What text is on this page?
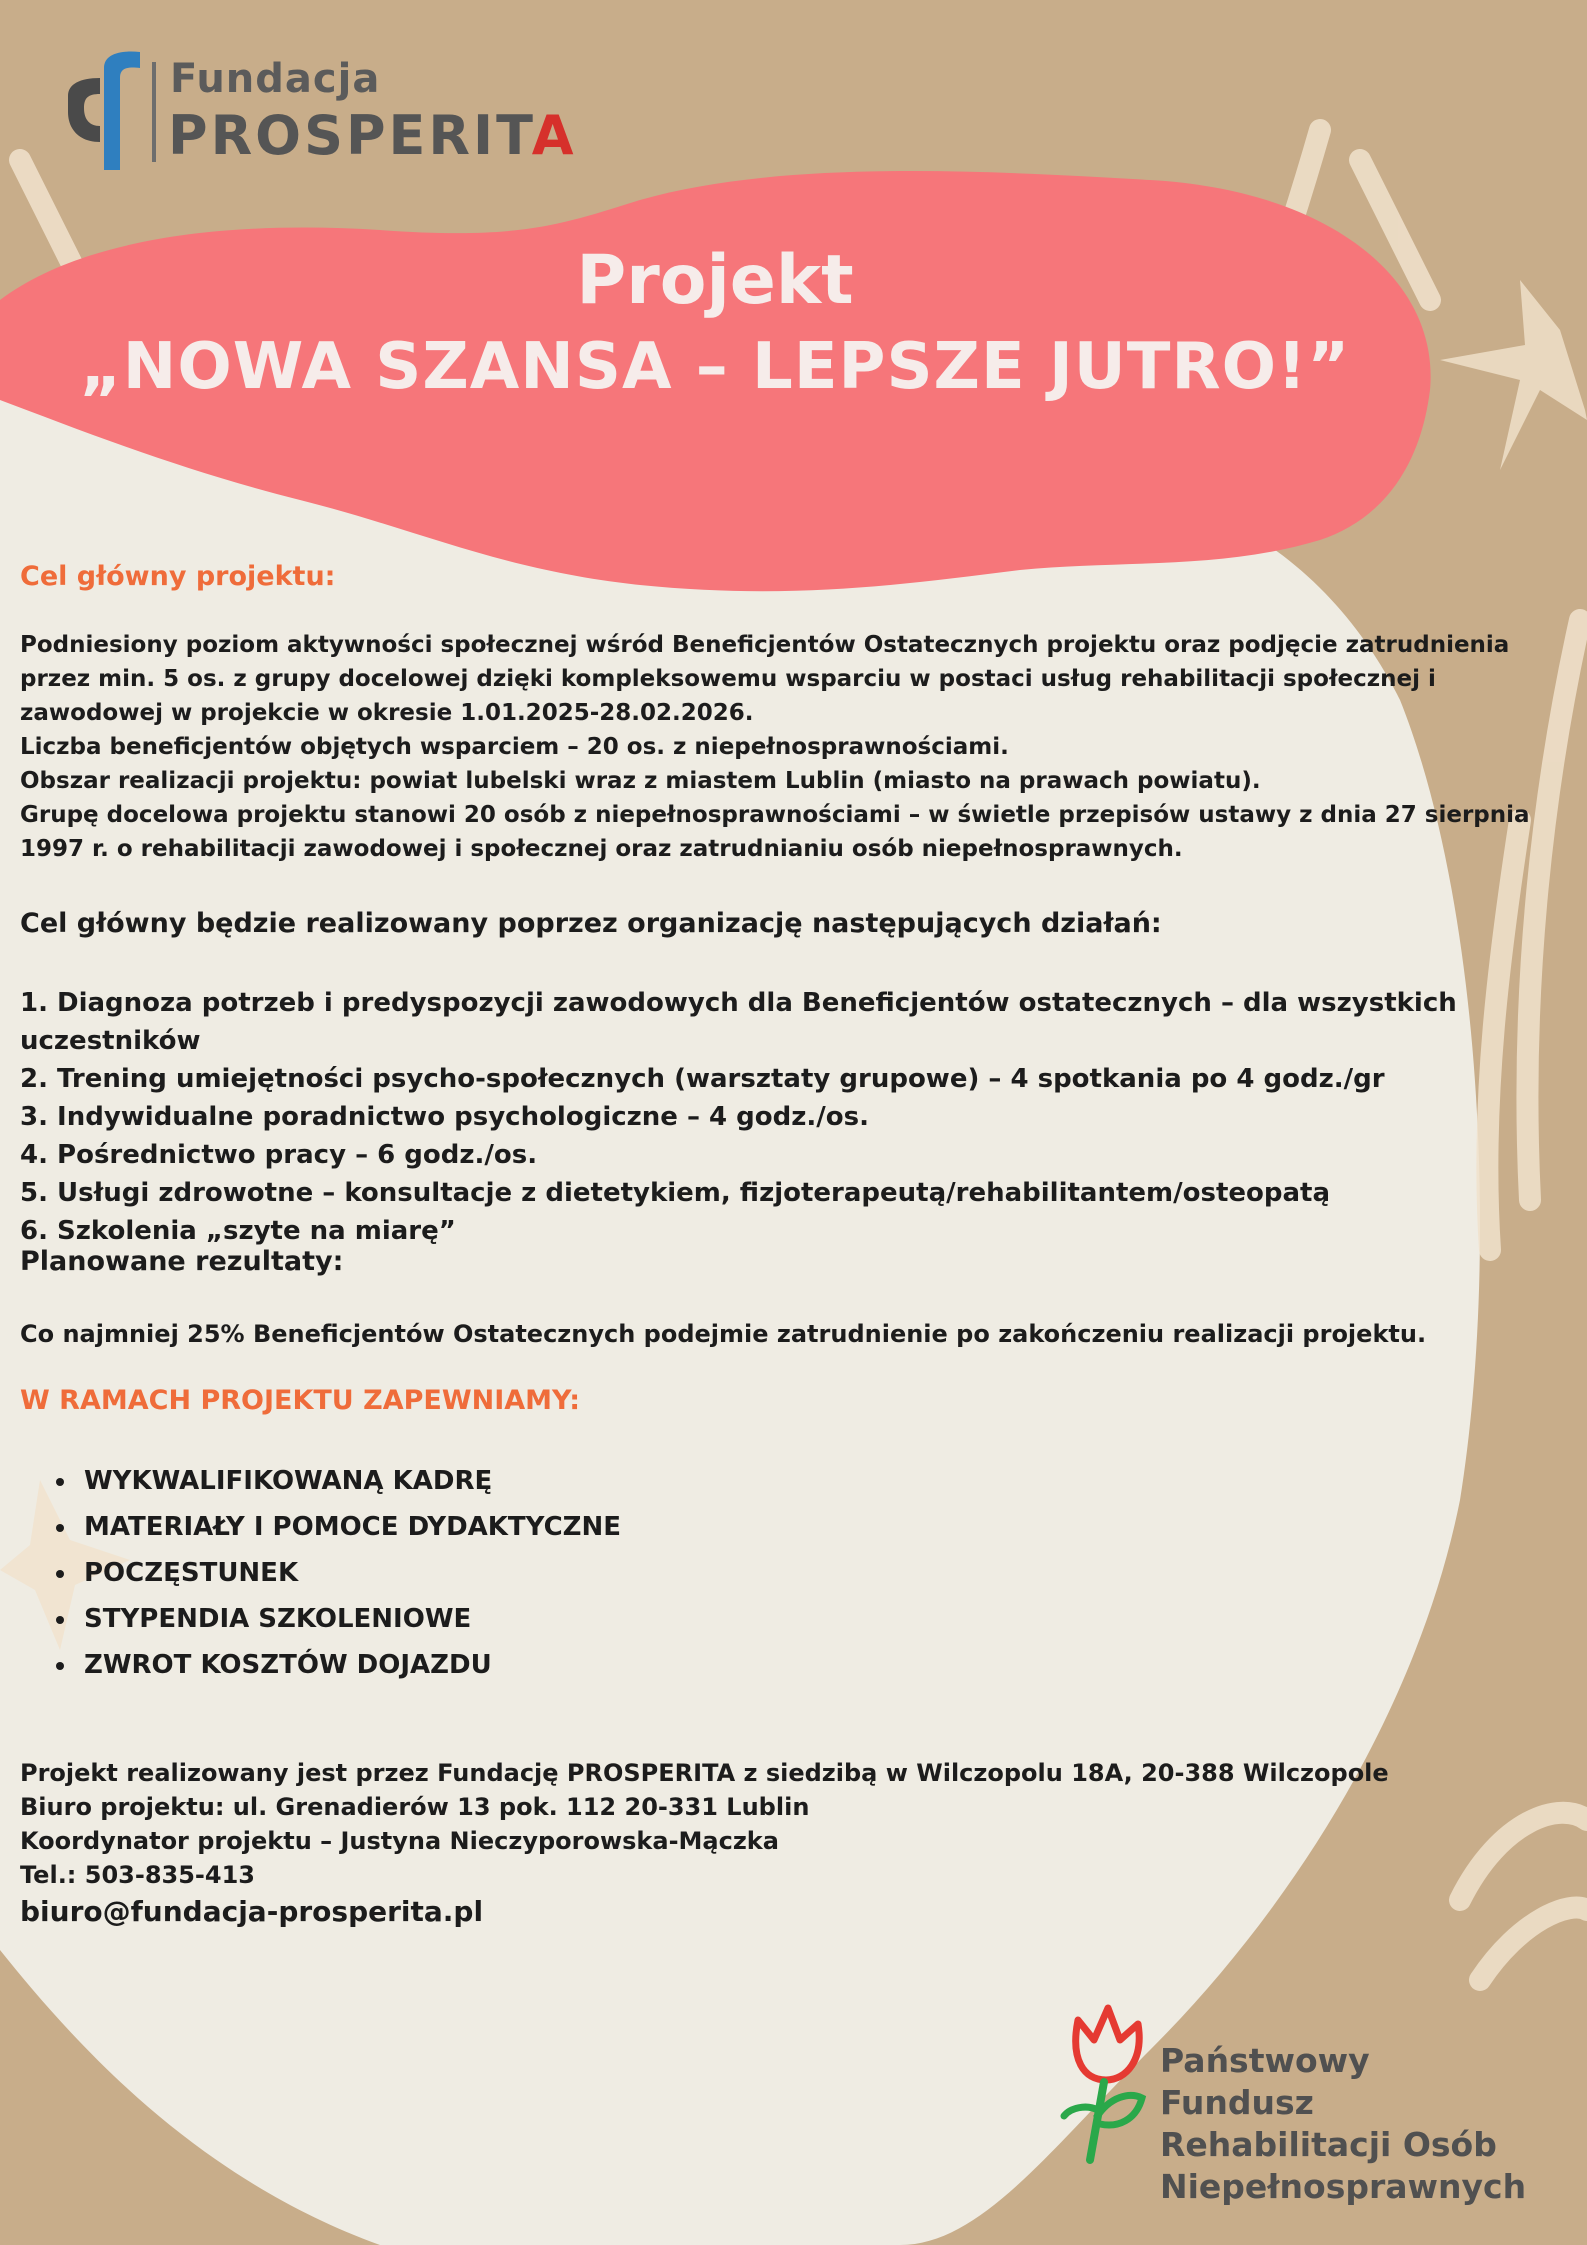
Fundacja
PROSPERITA
Projekt
„NOWA SZANSA – LEPSZE JUTRO!”
Cel główny projektu:

Podniesiony poziom aktywności społecznej wśród Beneficjentów Ostatecznych projektu oraz podjęcie zatrudnienia przez min. 5 os. z grupy docelowej dzięki kompleksowemu wsparciu w postaci usług rehabilitacji społecznej i zawodowej w projekcie w okresie 1.01.2025-28.02.2026.

Liczba beneficjentów objętych wsparciem – 20 os. z niepełnosprawnościami.

Obszar realizacji projektu: powiat lubelski wraz z miastem Lublin (miasto na prawach powiatu).

Grupę docelowa projektu stanowi 20 osób z niepełnosprawnościami – w świetle przepisów ustawy z dnia 27 sierpnia 1997 r. o rehabilitacji zawodowej i społecznej oraz zatrudnianiu osób niepełnosprawnych.

Cel główny będzie realizowany poprzez organizację następujących działań:
1. Diagnoza potrzeb i predyspozycji zawodowych dla Beneficjentów ostatecznych – dla wszystkich uczestników
2. Trening umiejętności psycho-społecznych (warsztaty grupowe) – 4 spotkania po 4 godz./gr
3. Indywidualne poradnictwo psychologiczne – 4 godz./os.
4. Pośrednictwo pracy – 6 godz./os.
5. Usługi zdrowotne – konsultacje z dietetykiem, fizjoterapeutą/rehabilitantem/osteopatą
6. Szkolenia „szyte na miarę”
Planowane rezultaty:
Co najmniej 25% Beneficjentów Ostatecznych podejmie zatrudnienie po zakończeniu realizacji projektu.
W RAMACH PROJEKTU ZAPEWNIAMY:
• WYKWALIFIKOWANĄ KADRĘ
• MATERIAŁY I POMOCE DYDAKTYCZNE
• POCZĘSTUNEK
• STYPENDIA SZKOLENIOWE
• ZWROT KOSZTÓW DOJAZDU
Projekt realizowany jest przez Fundację PROSPERITA z siedzibą w Wilczopolu 18A, 20-388 Wilczopole
Biuro projektu: ul. Grenadierów 13 pok. 112 20-331 Lublin
Koordynator projektu – Justyna Nieczyporowska-Mączka
Tel.: 503-835-413
biuro@fundacja-prosperita.pl
Państwowy Fundusz
Rehabilitacji Osób
Niepełnosprawnych
